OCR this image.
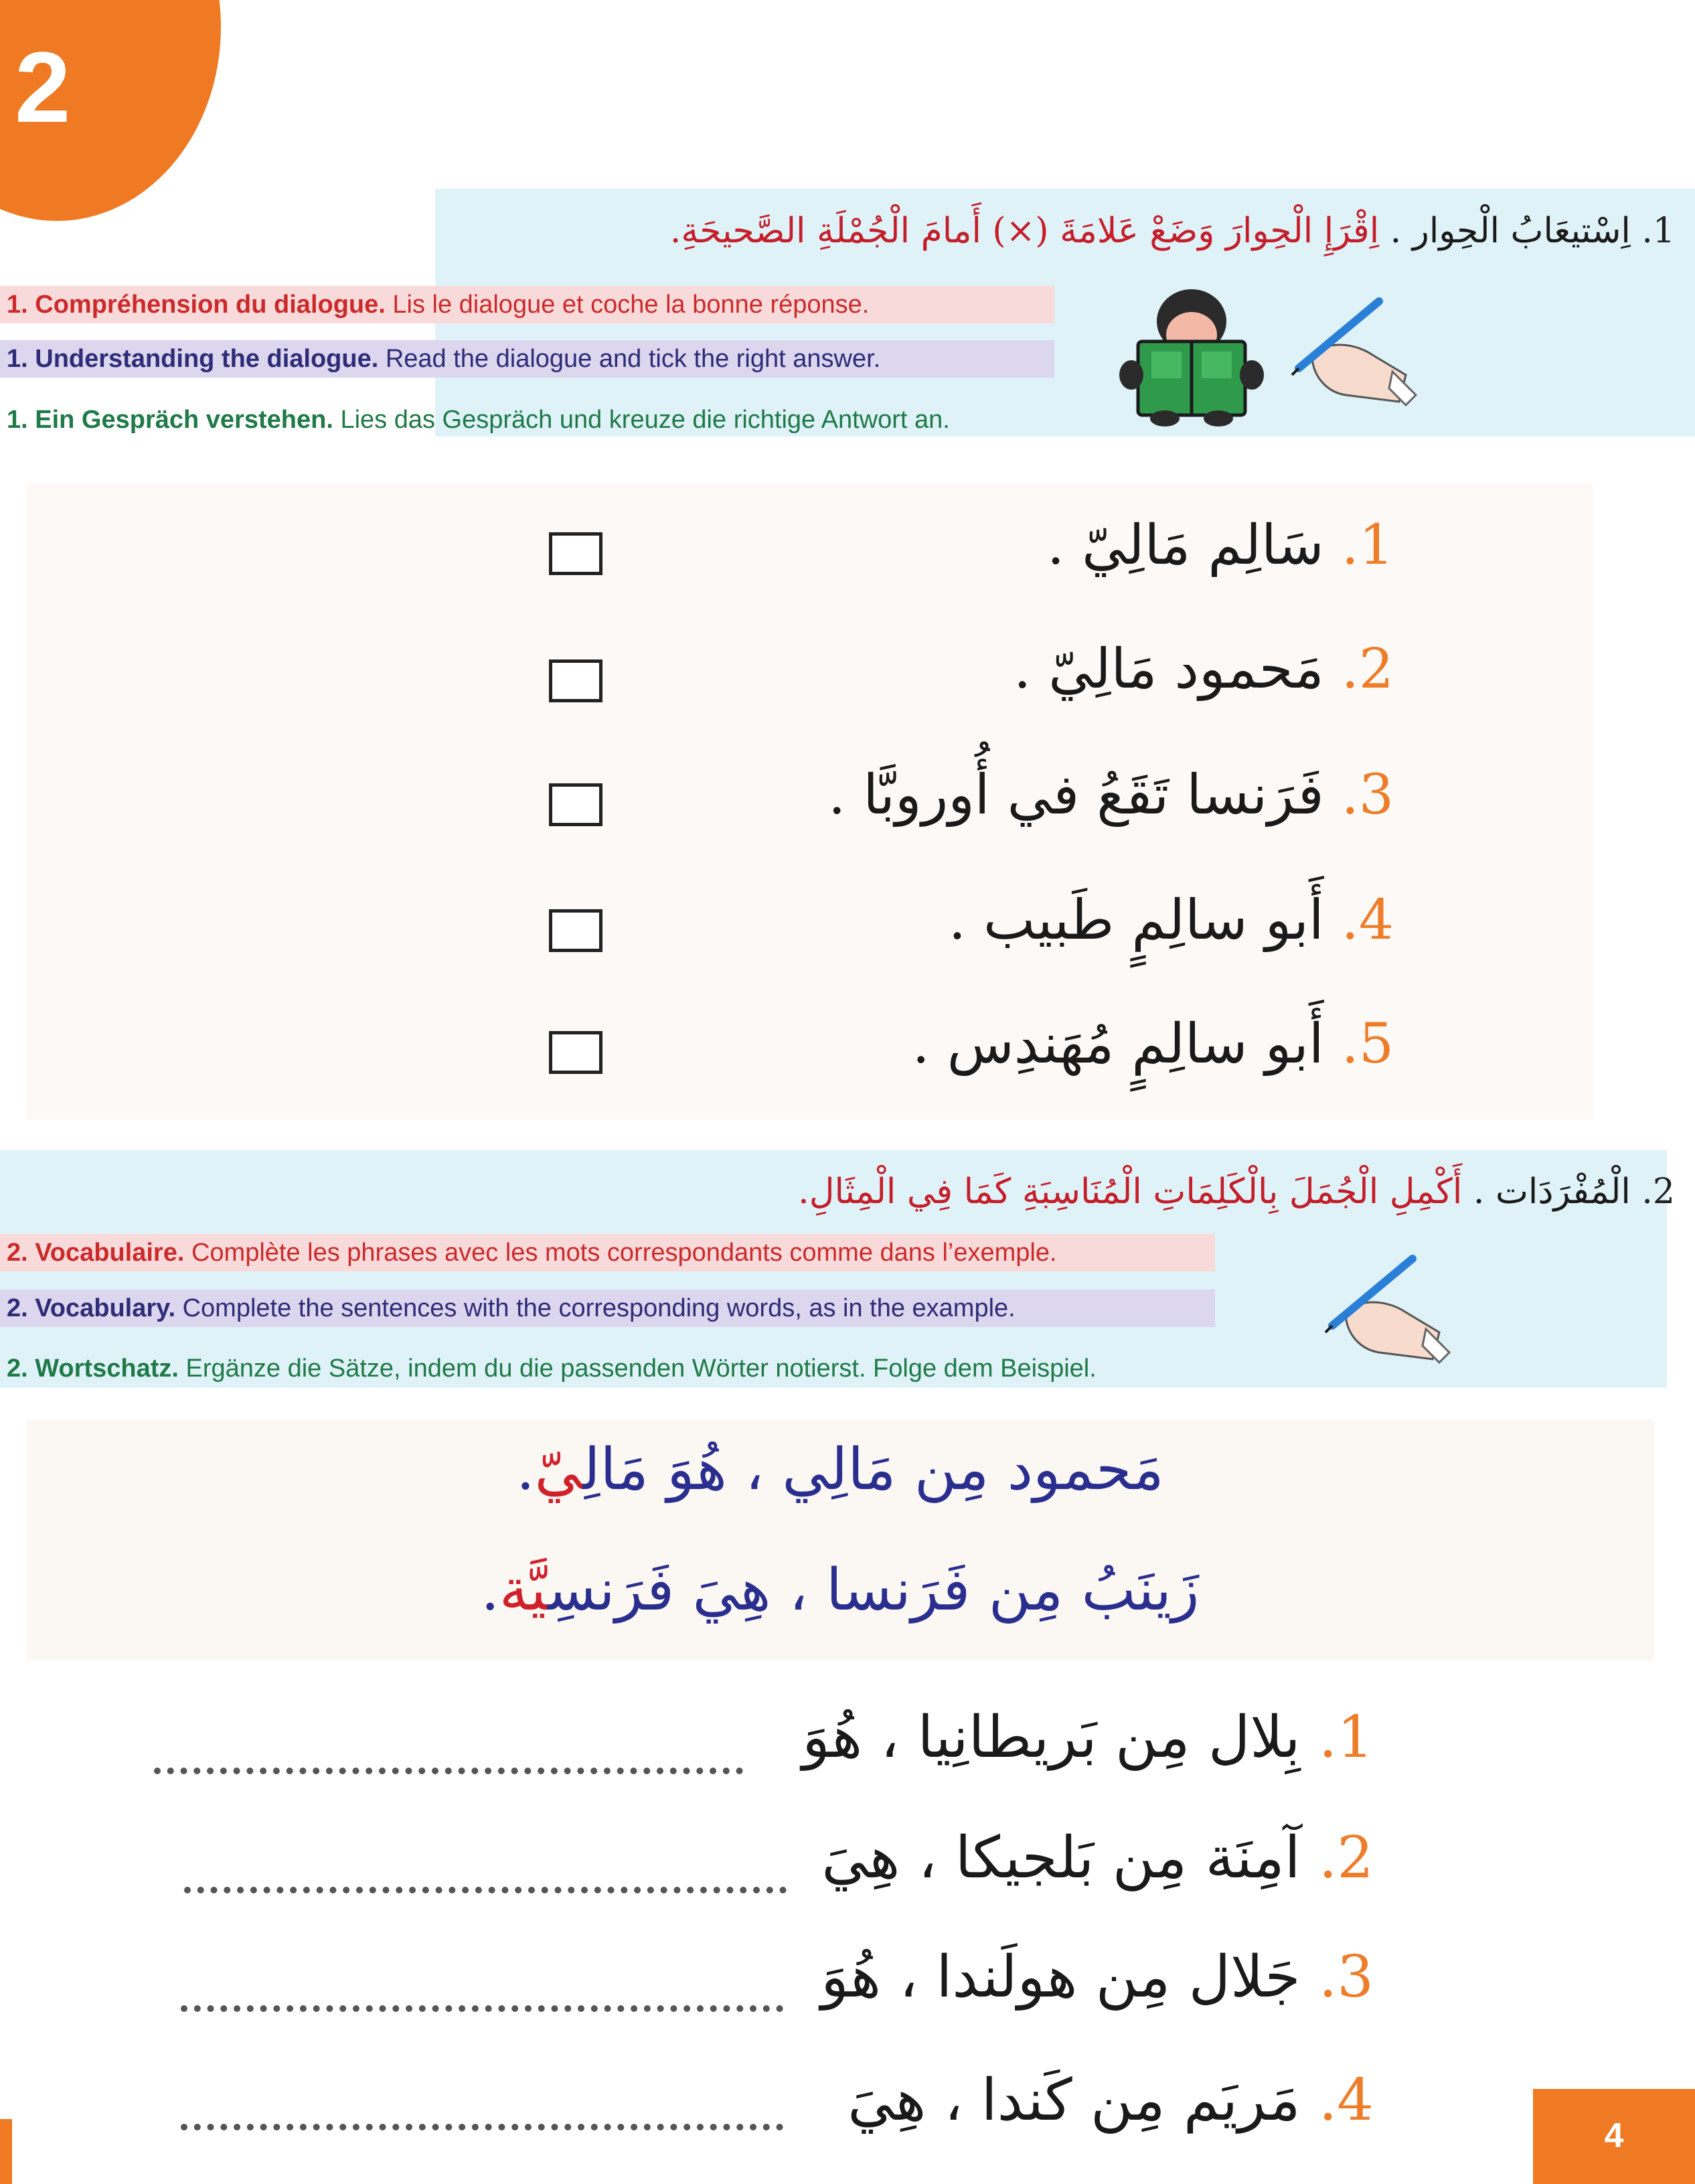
2
1. اِسْتيعَابُ الْحِوار . اِقْرَإِ الْحِوارَ وَضَعْ عَلامَةَ (×) أَمامَ الْجُمْلَةِ الصَّحيحَةِ.
1. Compréhension du dialogue. Lis le dialogue et coche la bonne réponse.
1. Understanding the dialogue. Read the dialogue and tick the right answer.
1. Ein Gespräch verstehen. Lies das Gespräch und kreuze die richtige Antwort an.
1. سَالِم مَالِيّ .
2. مَحمود مَالِيّ .
3. فَرَنسا تَقَعُ في أُوروبَّا .
4. أَبو سالِمٍ طَبيب .
5. أَبو سالِمٍ مُهَندِس .
2. الْمُفْرَدَات . أَكْمِلِ الْجُمَلَ بِالْكَلِمَاتِ الْمُنَاسِبَةِ كَمَا فِي الْمِثَالِ.
2. Vocabulaire. Complète les phrases avec les mots correspondants comme dans l’exemple.
2. Vocabulary. Complete the sentences with the corresponding words, as in the example.
2. Wortschatz. Ergänze die Sätze, indem du die passenden Wörter notierst. Folge dem Beispiel.
مَحمود مِن مَالِي ، هُوَ مَالِيّ.
زَينَبُ مِن فَرَنسا ، هِيَ فَرَنسِيَّة.
1. بِلال مِن بَريطانِيا ، هُوَ
2. آمِنَة مِن بَلجيكا ، هِيَ
3. جَلال مِن هولَندا ، هُوَ
4. مَريَم مِن كَندا ، هِيَ
4
